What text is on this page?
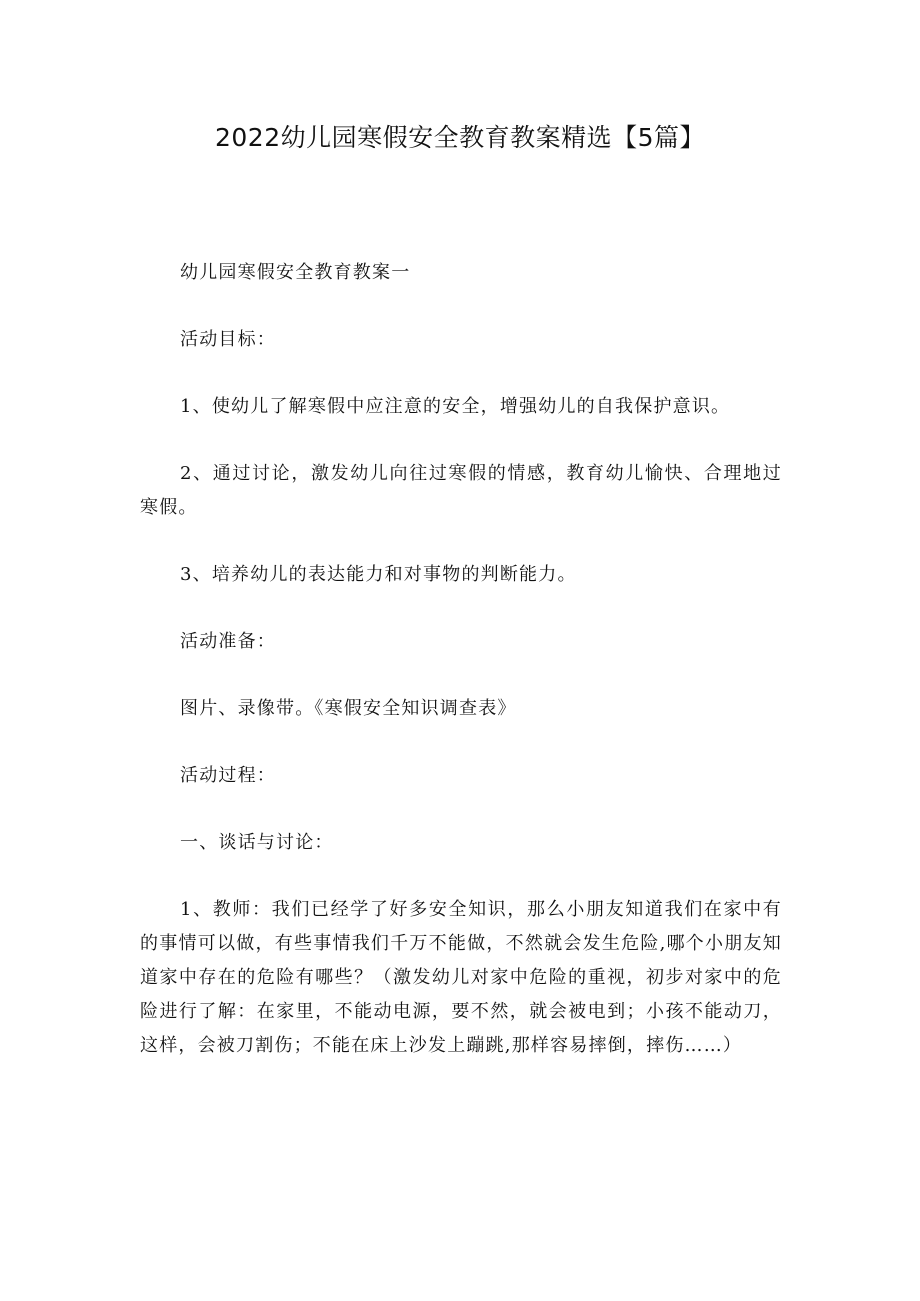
2022幼儿园寒假安全教育教案精选【5篇】

幼儿园寒假安全教育教案一

活动目标：

1、使幼儿了解寒假中应注意的安全，增强幼儿的自我保护意识。

2、通过讨论，激发幼儿向往过寒假的情感，教育幼儿愉快、合理地过寒假。

3、培养幼儿的表达能力和对事物的判断能力。

活动准备：

图片、录像带。《寒假安全知识调查表》

活动过程：

一、谈话与讨论：

1、教师：我们已经学了好多安全知识，那么小朋友知道我们在家中有的事情可以做，有些事情我们千万不能做，不然就会发生危险,哪个小朋友知道家中存在的危险有哪些？（激发幼儿对家中危险的重视，初步对家中的危险进行了解：在家里，不能动电源，要不然，就会被电到；小孩不能动刀，这样，会被刀割伤；不能在床上沙发上蹦跳,那样容易摔倒，摔伤……）
